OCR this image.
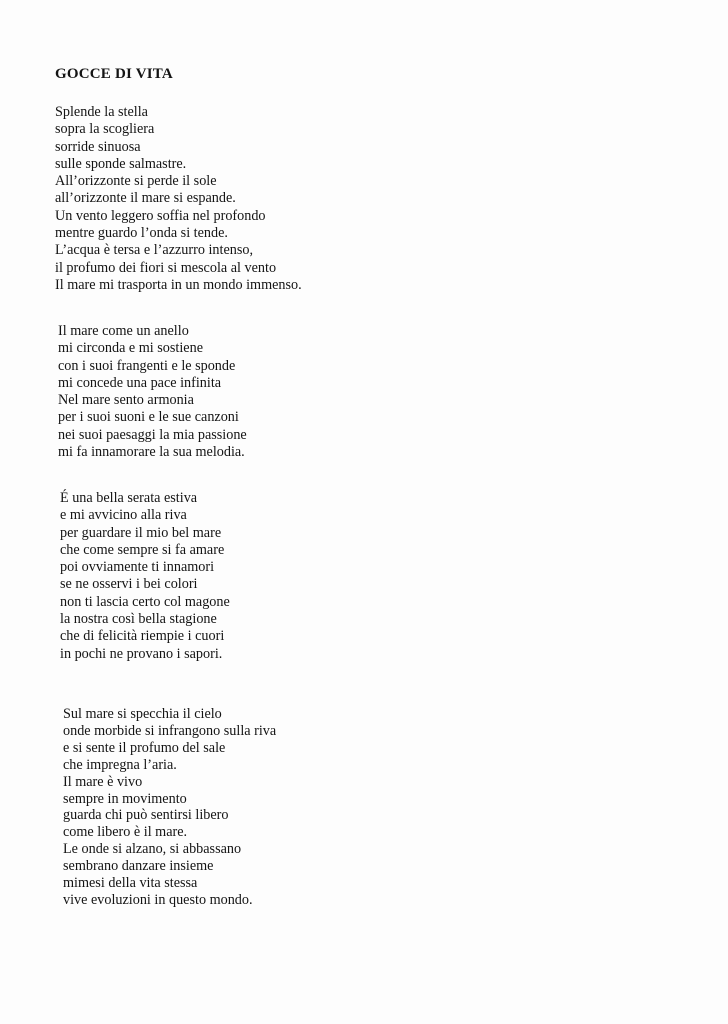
GOCCE DI VITA
Splende la stella
sopra la scogliera
sorride sinuosa
sulle sponde salmastre.
All’orizzonte si perde il sole
all’orizzonte il mare si espande.
Un vento leggero soffia nel profondo
mentre guardo l’onda si tende.
L’acqua è tersa e l’azzurro intenso,
il profumo dei fiori si mescola al vento
Il mare mi trasporta in un mondo immenso.
Il mare come un anello
mi circonda e mi sostiene
con i suoi frangenti e le sponde
mi concede una pace infinita
Nel mare sento armonia
per i suoi suoni e le sue canzoni
nei suoi paesaggi la mia passione
mi fa innamorare la sua melodia.
É una bella serata estiva
e mi avvicino alla riva
per guardare il mio bel mare
che come sempre si fa amare
poi ovviamente ti innamori
se ne osservi i bei colori
non ti lascia certo col magone
la nostra così bella stagione
che di felicità riempie i cuori
in pochi ne provano i sapori.
Sul mare si specchia il cielo
onde morbide si infrangono sulla riva
e si sente il profumo del sale
che impregna l’aria.
Il mare è vivo
sempre in movimento
guarda chi può sentirsi libero
come libero è il mare.
Le onde si alzano, si abbassano
sembrano danzare insieme
mimesi della vita stessa
vive evoluzioni in questo mondo.
